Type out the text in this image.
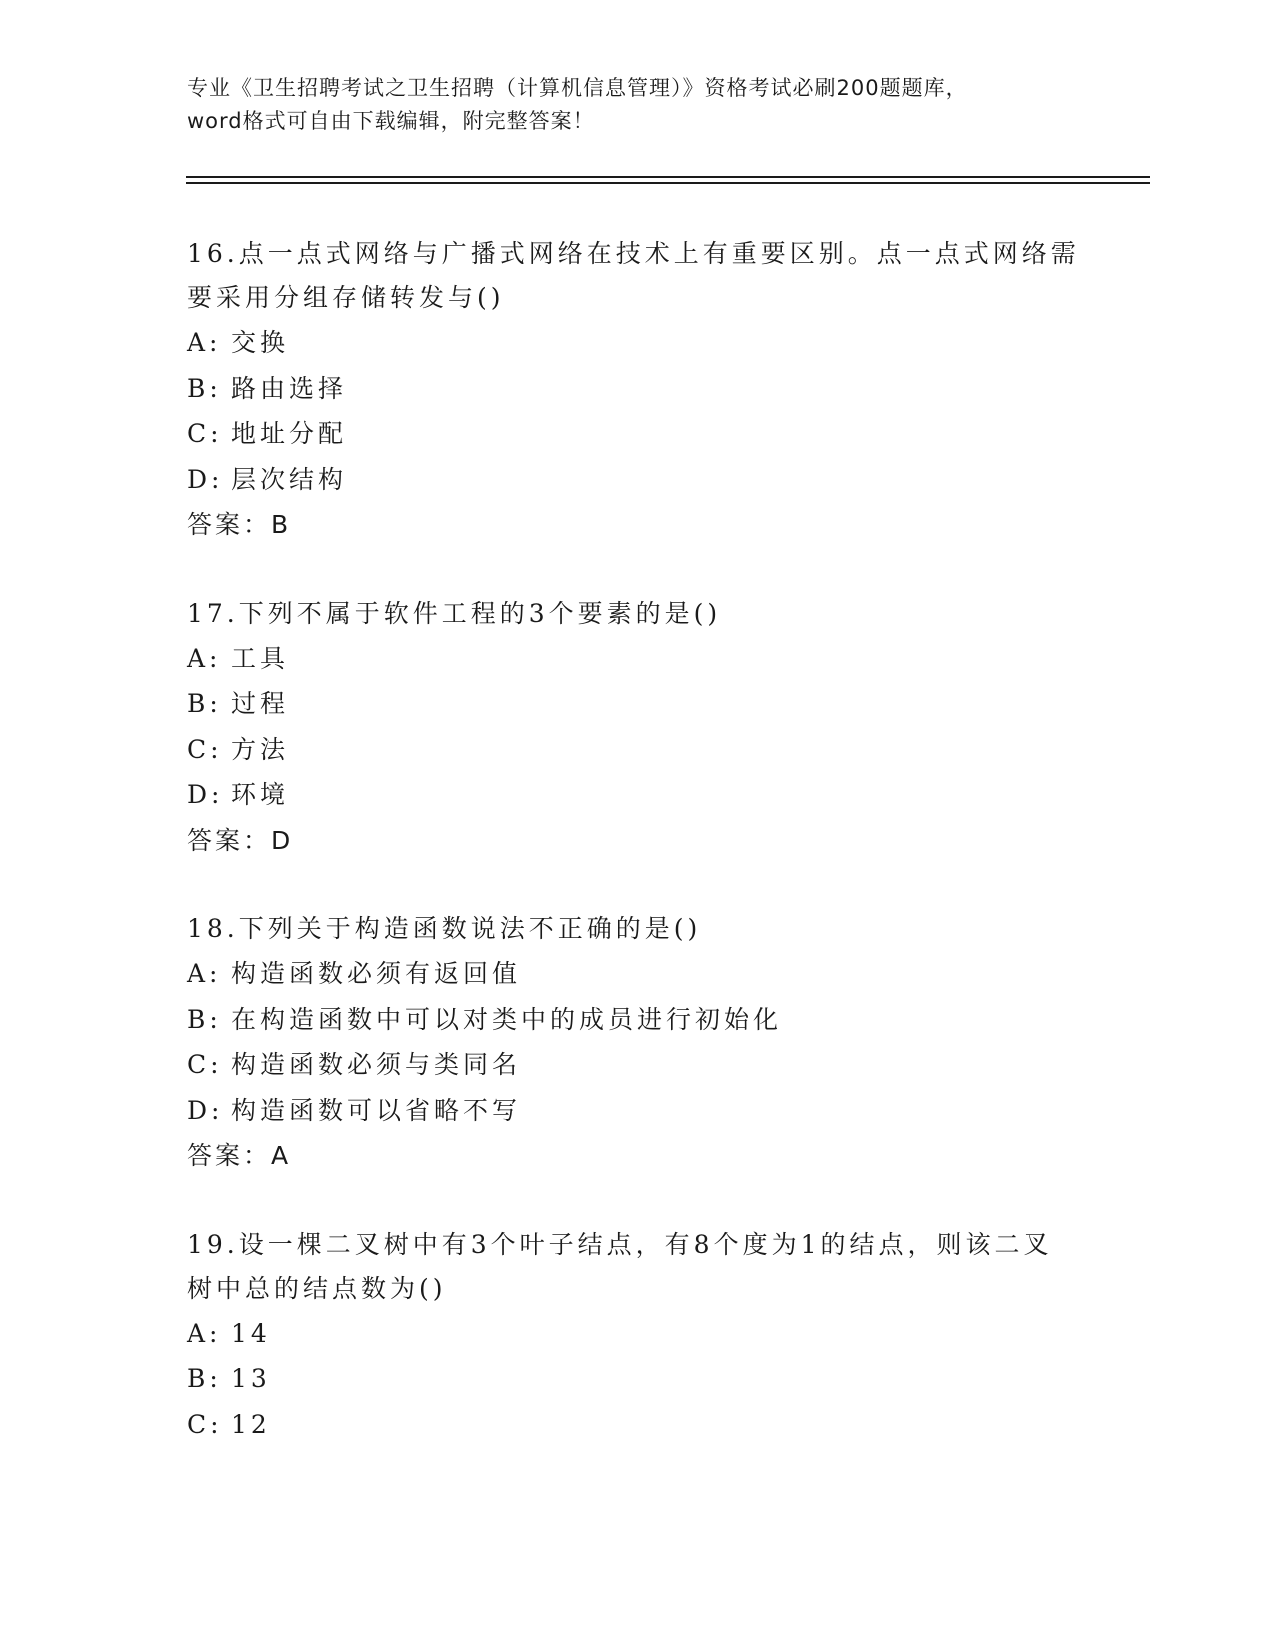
专业《卫生招聘考试之卫生招聘（计算机信息管理）》资格考试必刷200题题库，
word格式可自由下载编辑，附完整答案！
16.点一点式网络与广播式网络在技术上有重要区别。点一点式网络需
要采用分组存储转发与()
A: 交换
B: 路由选择
C: 地址分配
D: 层次结构
答案：B
17.下列不属于软件工程的3个要素的是()
A: 工具
B: 过程
C: 方法
D: 环境
答案：D
18.下列关于构造函数说法不正确的是()
A: 构造函数必须有返回值
B: 在构造函数中可以对类中的成员进行初始化
C: 构造函数必须与类同名
D: 构造函数可以省略不写
答案：A
19.设一棵二叉树中有3个叶子结点，有8个度为1的结点，则该二叉
树中总的结点数为()
A: 14
B: 13
C: 12
